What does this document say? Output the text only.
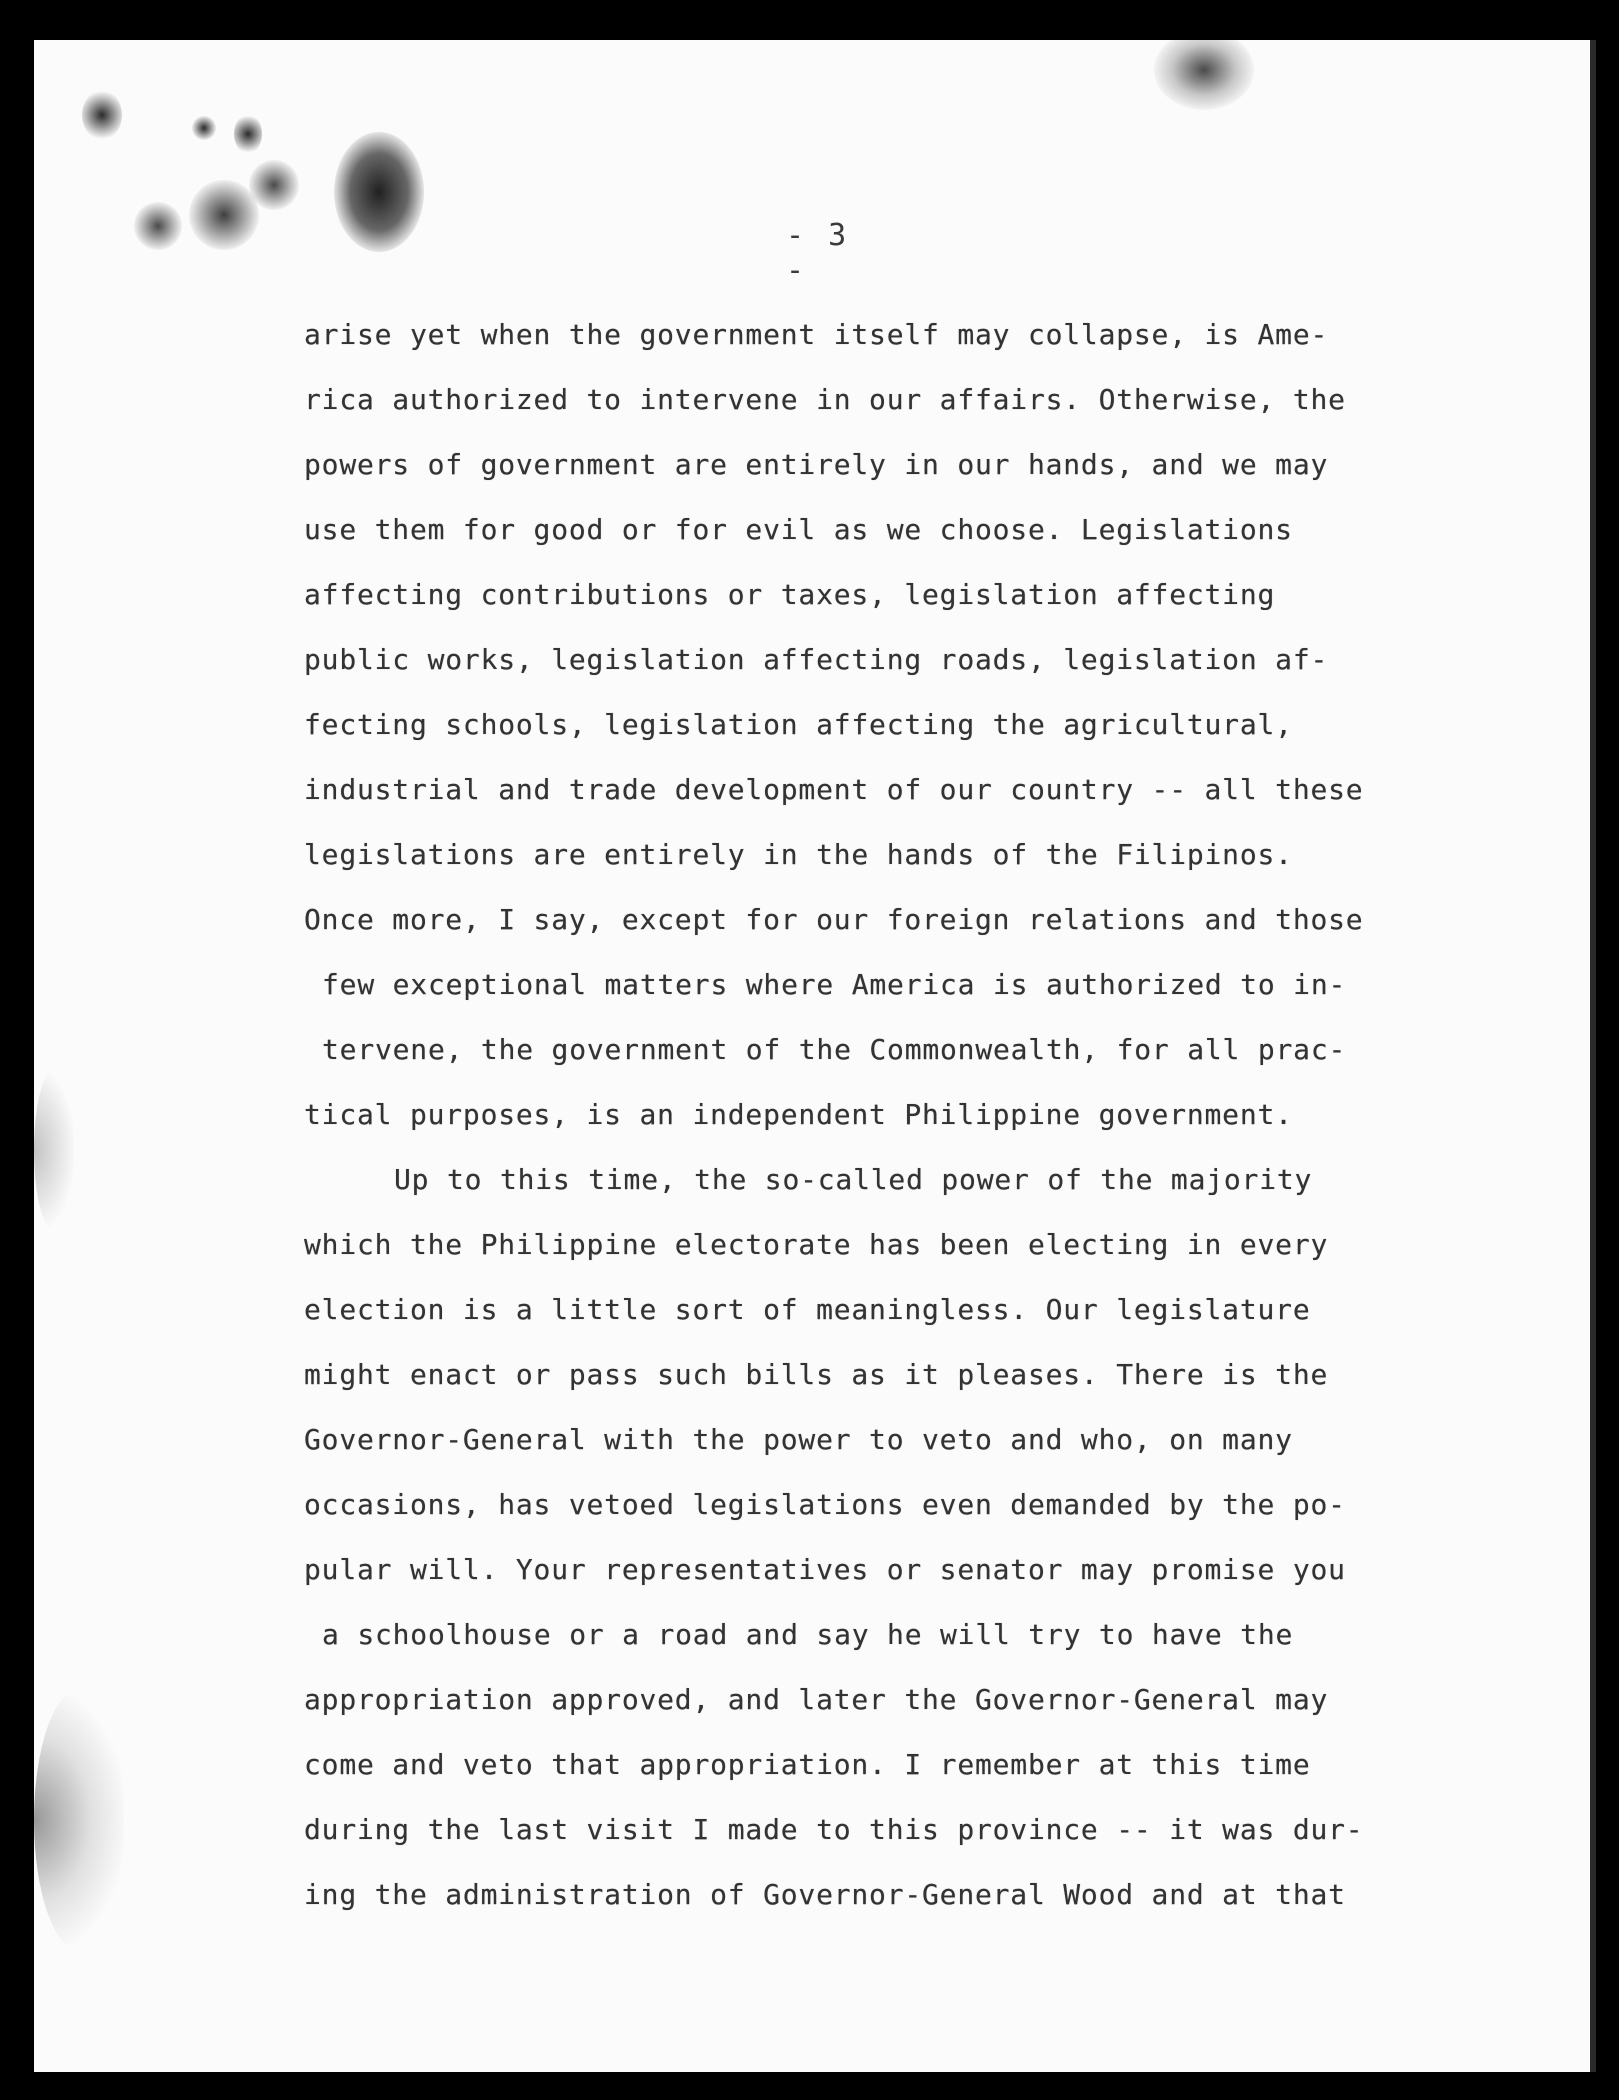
- 3 -
arise yet when the government itself may collapse, is Ame-
rica authorized to intervene in our affairs. Otherwise, the
powers of government are entirely in our hands, and we may
use them for good or for evil as we choose. Legislations
affecting contributions or taxes, legislation affecting
public works, legislation affecting roads, legislation af-
fecting schools, legislation affecting the agricultural,
industrial and trade development of our country -- all these
legislations are entirely in the hands of the Filipinos.
Once more, I say, except for our foreign relations and those
few exceptional matters where America is authorized to in-
tervene, the government of the Commonwealth, for all prac-
tical purposes, is an independent Philippine government.
Up to this time, the so-called power of the majority
which the Philippine electorate has been electing in every
election is a little sort of meaningless. Our legislature
might enact or pass such bills as it pleases. There is the
Governor-General with the power to veto and who, on many
occasions, has vetoed legislations even demanded by the po-
pular will. Your representatives or senator may promise you
a schoolhouse or a road and say he will try to have the
appropriation approved, and later the Governor-General may
come and veto that appropriation. I remember at this time
during the last visit I made to this province -- it was dur-
ing the administration of Governor-General Wood and at that
